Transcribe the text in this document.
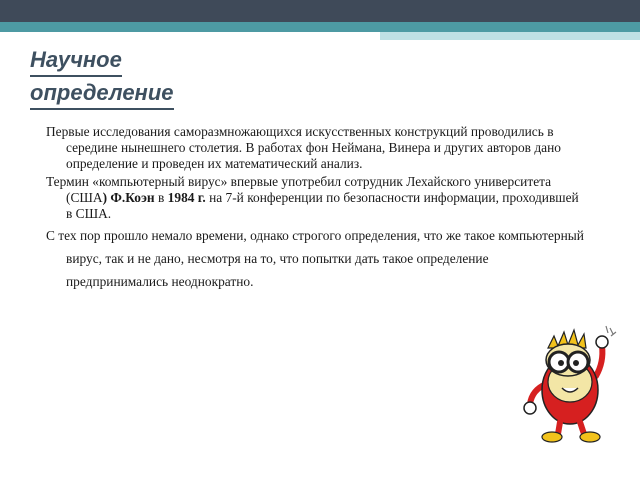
Научное
определение

Первые исследования саморазмножающихся искусственных конструкций проводились в середине нынешнего столетия. В работах фон Неймана, Винера и других авторов дано определение и проведен их математический анализ.

Термин «компьютерный вирус» впервые употребил сотрудник Лехайского университета (США) Ф.Коэн в 1984 г. на 7-й конференции по безопасности информации, проходившей в США.

С тех пор прошло немало времени, однако строгого определения, что же такое компьютерный вирус, так и не дано, несмотря на то, что попытки дать такое определение предпринимались неоднократно.
